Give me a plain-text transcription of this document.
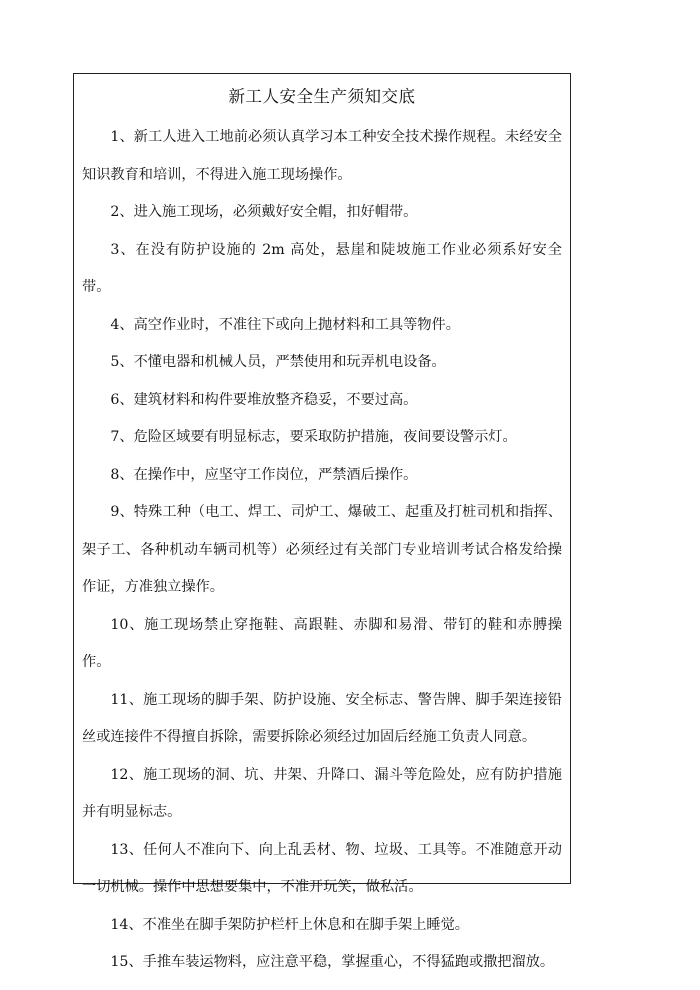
新工人安全生产须知交底

1、新工人进入工地前必须认真学习本工种安全技术操作规程。未经安全知识教育和培训，不得进入施工现场操作。

2、进入施工现场，必须戴好安全帽，扣好帽带。

3、在没有防护设施的 2m 高处，悬崖和陡坡施工作业必须系好安全带。

4、高空作业时，不准往下或向上抛材料和工具等物件。

5、不懂电器和机械人员，严禁使用和玩弄机电设备。

6、建筑材料和构件要堆放整齐稳妥，不要过高。

7、危险区域要有明显标志，要采取防护措施，夜间要设警示灯。

8、在操作中，应坚守工作岗位，严禁酒后操作。

9、特殊工种（电工、焊工、司炉工、爆破工、起重及打桩司机和指挥、架子工、各种机动车辆司机等）必须经过有关部门专业培训考试合格发给操作证，方准独立操作。

10、施工现场禁止穿拖鞋、高跟鞋、赤脚和易滑、带钉的鞋和赤膊操作。

11、施工现场的脚手架、防护设施、安全标志、警告牌、脚手架连接铅丝或连接件不得擅自拆除，需要拆除必须经过加固后经施工负责人同意。

12、施工现场的洞、坑、井架、升降口、漏斗等危险处，应有防护措施并有明显标志。

13、任何人不准向下、向上乱丢材、物、垃圾、工具等。不准随意开动一切机械。操作中思想要集中，不准开玩笑，做私活。

14、不准坐在脚手架防护栏杆上休息和在脚手架上睡觉。

15、手推车装运物料，应注意平稳，掌握重心，不得猛跑或撒把溜放。
